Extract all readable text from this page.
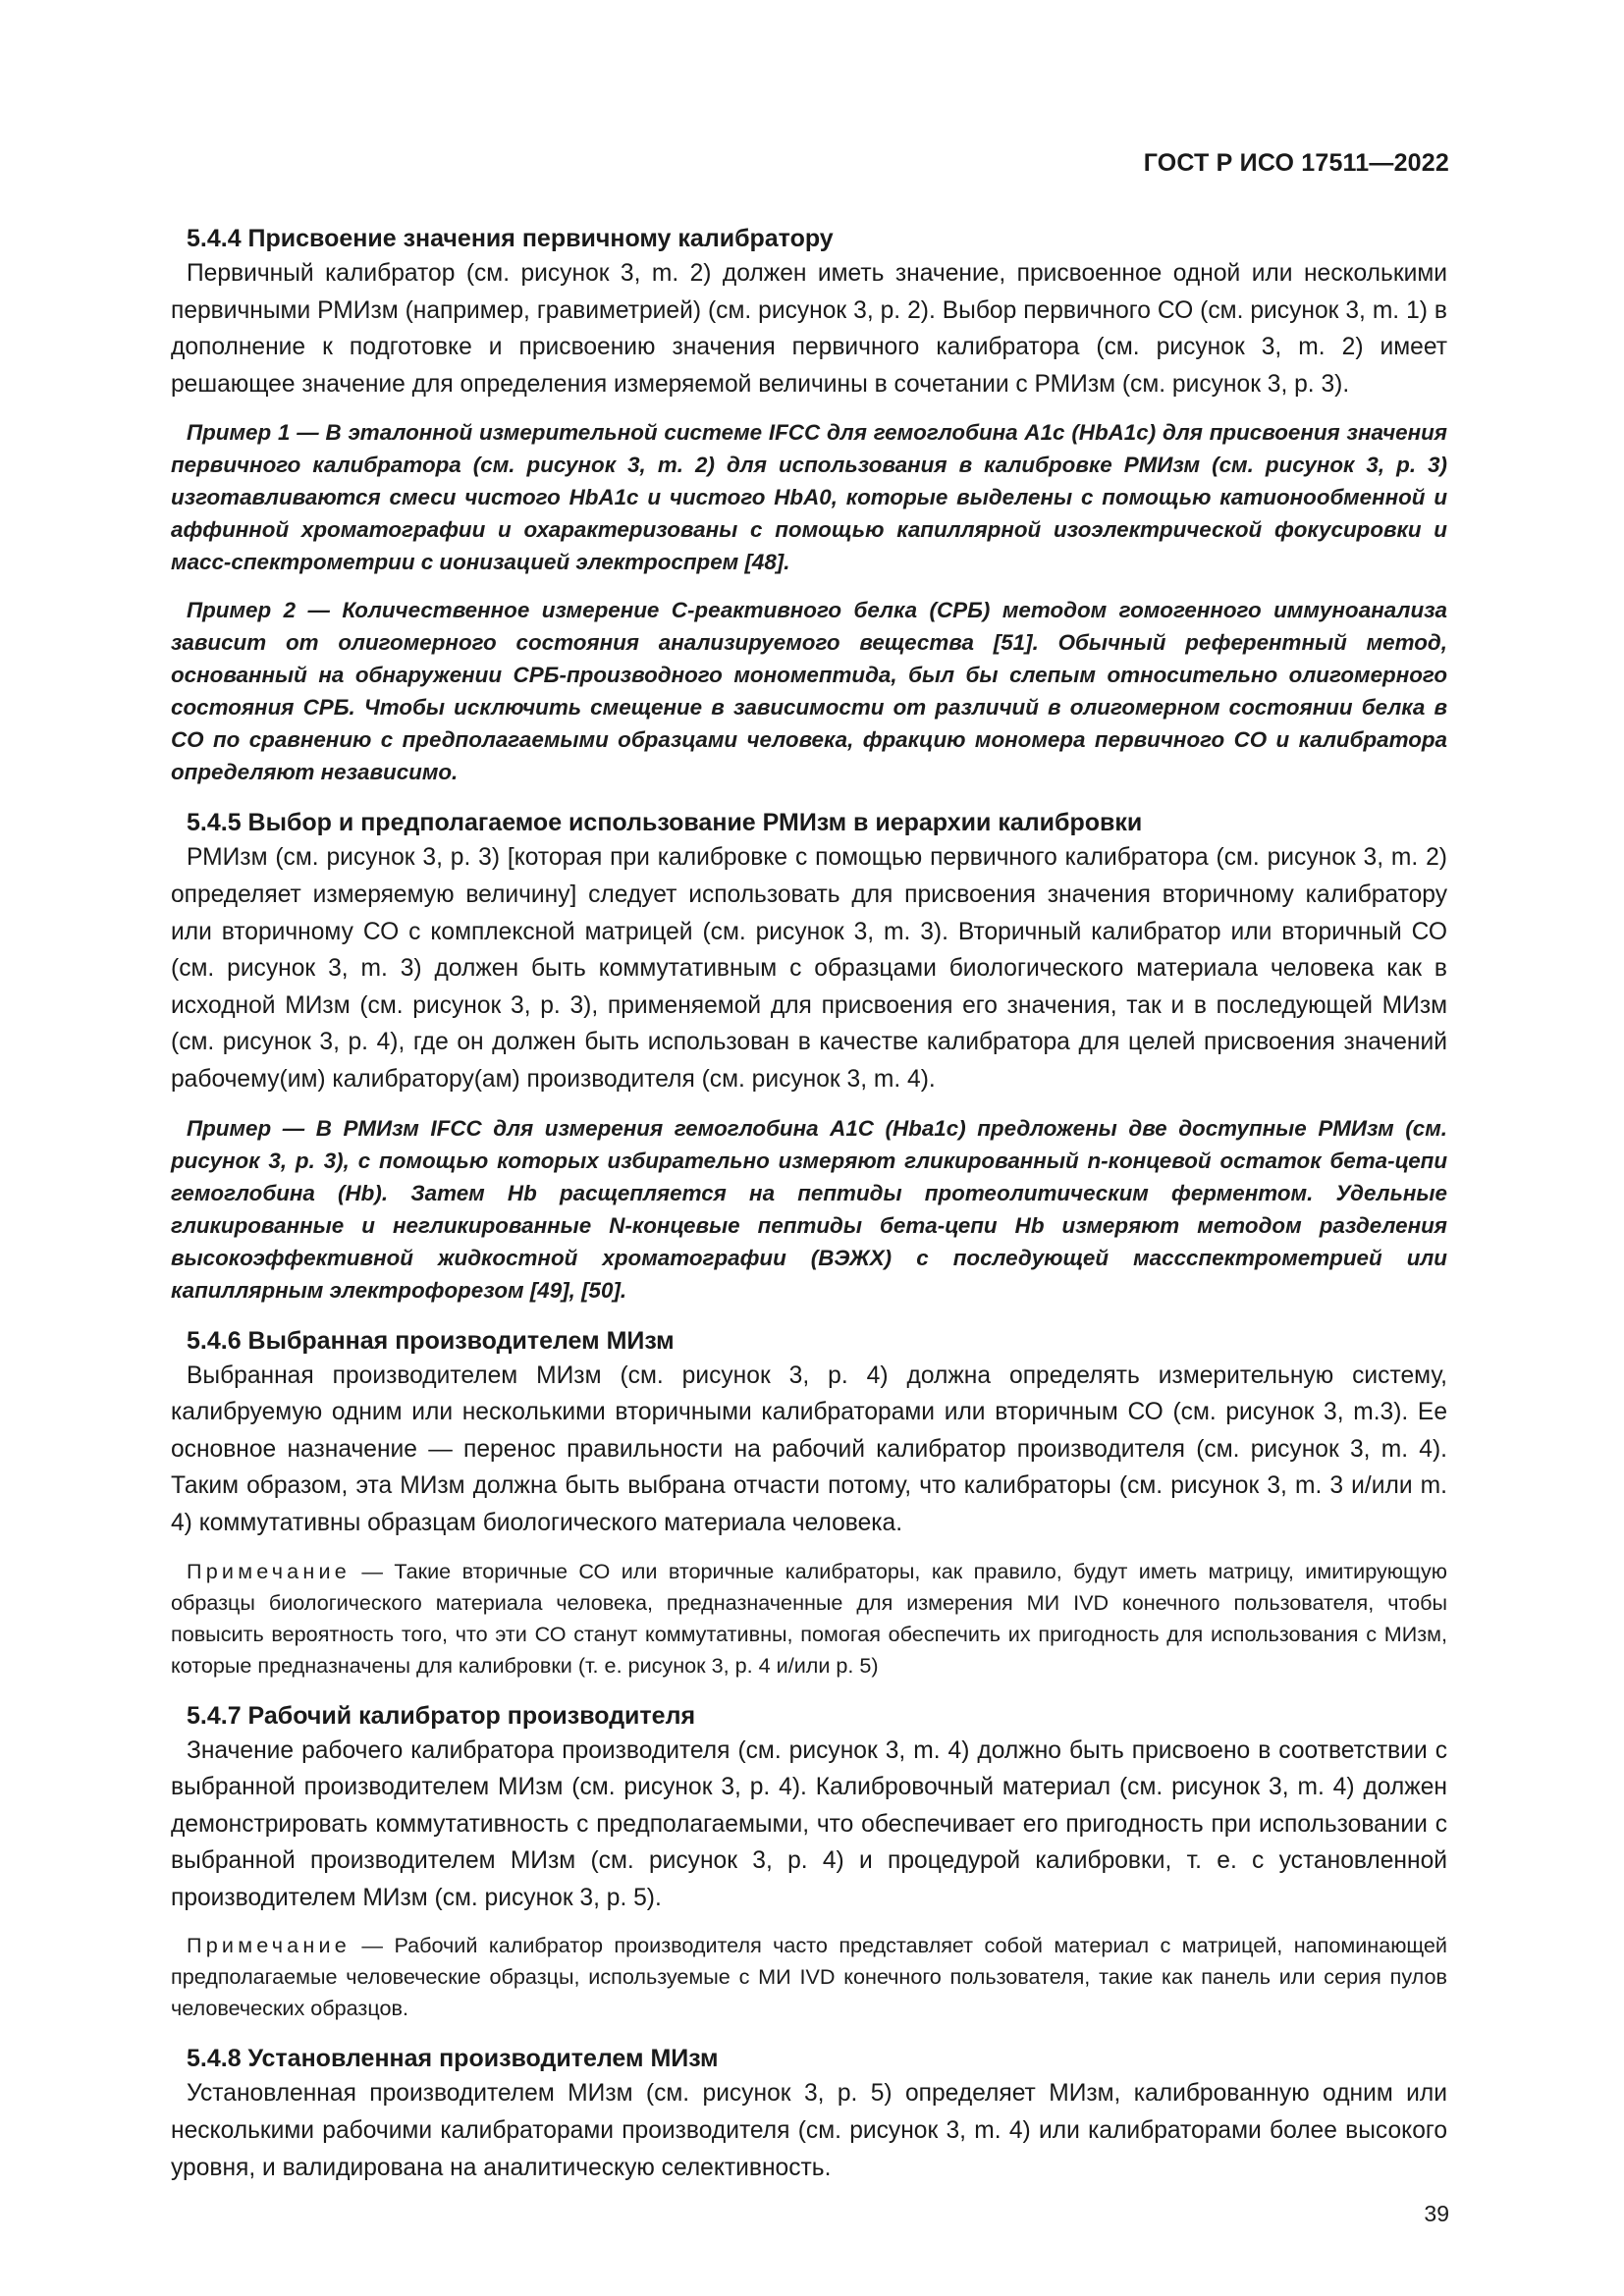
ГОСТ Р ИСО 17511—2022
5.4.4 Присвоение значения первичному калибратору

Первичный калибратор (см. рисунок 3, m. 2) должен иметь значение, присвоенное одной или несколькими первичными РМИзм (например, гравиметрией) (см. рисунок 3, р. 2). Выбор первичного СО (см. рисунок 3, m. 1) в дополнение к подготовке и присвоению значения первичного калибратора (см. рисунок 3, m. 2) имеет решающее значение для определения измеряемой величины в сочетании с РМИзм (см. рисунок 3, р. 3).

Пример 1 — В эталонной измерительной системе IFCC для гемоглобина A1c (HbA1c) для присвоения значения первичного калибратора (см. рисунок 3, m. 2) для использования в калибровке РМИзм (см. рисунок 3, р. 3) изготавливаются смеси чистого HbA1c и чистого HbA0, которые выделены с помощью катионообменной и аффинной хроматографии и охарактеризованы с помощью капиллярной изоэлектрической фокусировки и масс-спектрометрии с ионизацией электроспрем [48].

Пример 2 — Количественное измерение С-реактивного белка (СРБ) методом гомогенного иммуноанализа зависит от олигомерного состояния анализируемого вещества [51]. Обычный референтный метод, основанный на обнаружении СРБ-производного мономептида, был бы слепым относительно олигомерного состояния СРБ. Чтобы исключить смещение в зависимости от различий в олигомерном состоянии белка в СО по сравнению с предполагаемыми образцами человека, фракцию мономера первичного СО и калибратора определяют независимо.

5.4.5 Выбор и предполагаемое использование РМИзм в иерархии калибровки

РМИзм (см. рисунок 3, р. 3) [которая при калибровке с помощью первичного калибратора (см. рисунок 3, m. 2) определяет измеряемую величину] следует использовать для присвоения значения вторичному калибратору или вторичному СО с комплексной матрицей (см. рисунок 3, m. 3). Вторичный калибратор или вторичный СО (см. рисунок 3, m. 3) должен быть коммутативным с образцами биологического материала человека как в исходной МИзм (см. рисунок 3, р. 3), применяемой для присвоения его значения, так и в последующей МИзм (см. рисунок 3, р. 4), где он должен быть использован в качестве калибратора для целей присвоения значений рабочему(им) калибратору(ам) производителя (см. рисунок 3, m. 4).

Пример — В РМИзм IFCC для измерения гемоглобина A1C (Hba1c) предложены две доступные РМИзм (см. рисунок 3, р. 3), с помощью которых избирательно измеряют гликированный n-концевой остаток бета-цепи гемоглобина (Hb). Затем Hb расщепляется на пептиды протеолитическим ферментом. Удельные гликированные и негликированные N-концевые пептиды бета-цепи Hb измеряют методом разделения высокоэффективной жидкостной хроматографии (ВЭЖХ) с последующей массспектрометрией или капиллярным электрофорезом [49], [50].

5.4.6 Выбранная производителем МИзм

Выбранная производителем МИзм (см. рисунок 3, р. 4) должна определять измерительную систему, калибруемую одним или несколькими вторичными калибраторами или вторичным СО (см. рисунок 3, m.3). Ее основное назначение — перенос правильности на рабочий калибратор производителя (см. рисунок 3, m. 4). Таким образом, эта МИзм должна быть выбрана отчасти потому, что калибраторы (см. рисунок 3, m. 3 и/или m. 4) коммутативны образцам биологического материала человека.

Примечание — Такие вторичные СО или вторичные калибраторы, как правило, будут иметь матрицу, имитирующую образцы биологического материала человека, предназначенные для измерения МИ IVD конечного пользователя, чтобы повысить вероятность того, что эти СО станут коммутативны, помогая обеспечить их пригодность для использования с МИзм, которые предназначены для калибровки (т. е. рисунок 3, р. 4 и/или р. 5)

5.4.7 Рабочий калибратор производителя

Значение рабочего калибратора производителя (см. рисунок 3, m. 4) должно быть присвоено в соответствии с выбранной производителем МИзм (см. рисунок 3, р. 4). Калибровочный материал (см. рисунок 3, m. 4) должен демонстрировать коммутативность с предполагаемыми, что обеспечивает его пригодность при использовании с выбранной производителем МИзм (см. рисунок 3, р. 4) и процедурой калибровки, т. е. с установленной производителем МИзм (см. рисунок 3, р. 5).

Примечание — Рабочий калибратор производителя часто представляет собой материал с матрицей, напоминающей предполагаемые человеческие образцы, используемые с МИ IVD конечного пользователя, такие как панель или серия пулов человеческих образцов.

5.4.8 Установленная производителем МИзм

Установленная производителем МИзм (см. рисунок 3, р. 5) определяет МИзм, калиброванную одним или несколькими рабочими калибраторами производителя (см. рисунок 3, m. 4) или калибраторами более высокого уровня, и валидирована на аналитическую селективность.

39
